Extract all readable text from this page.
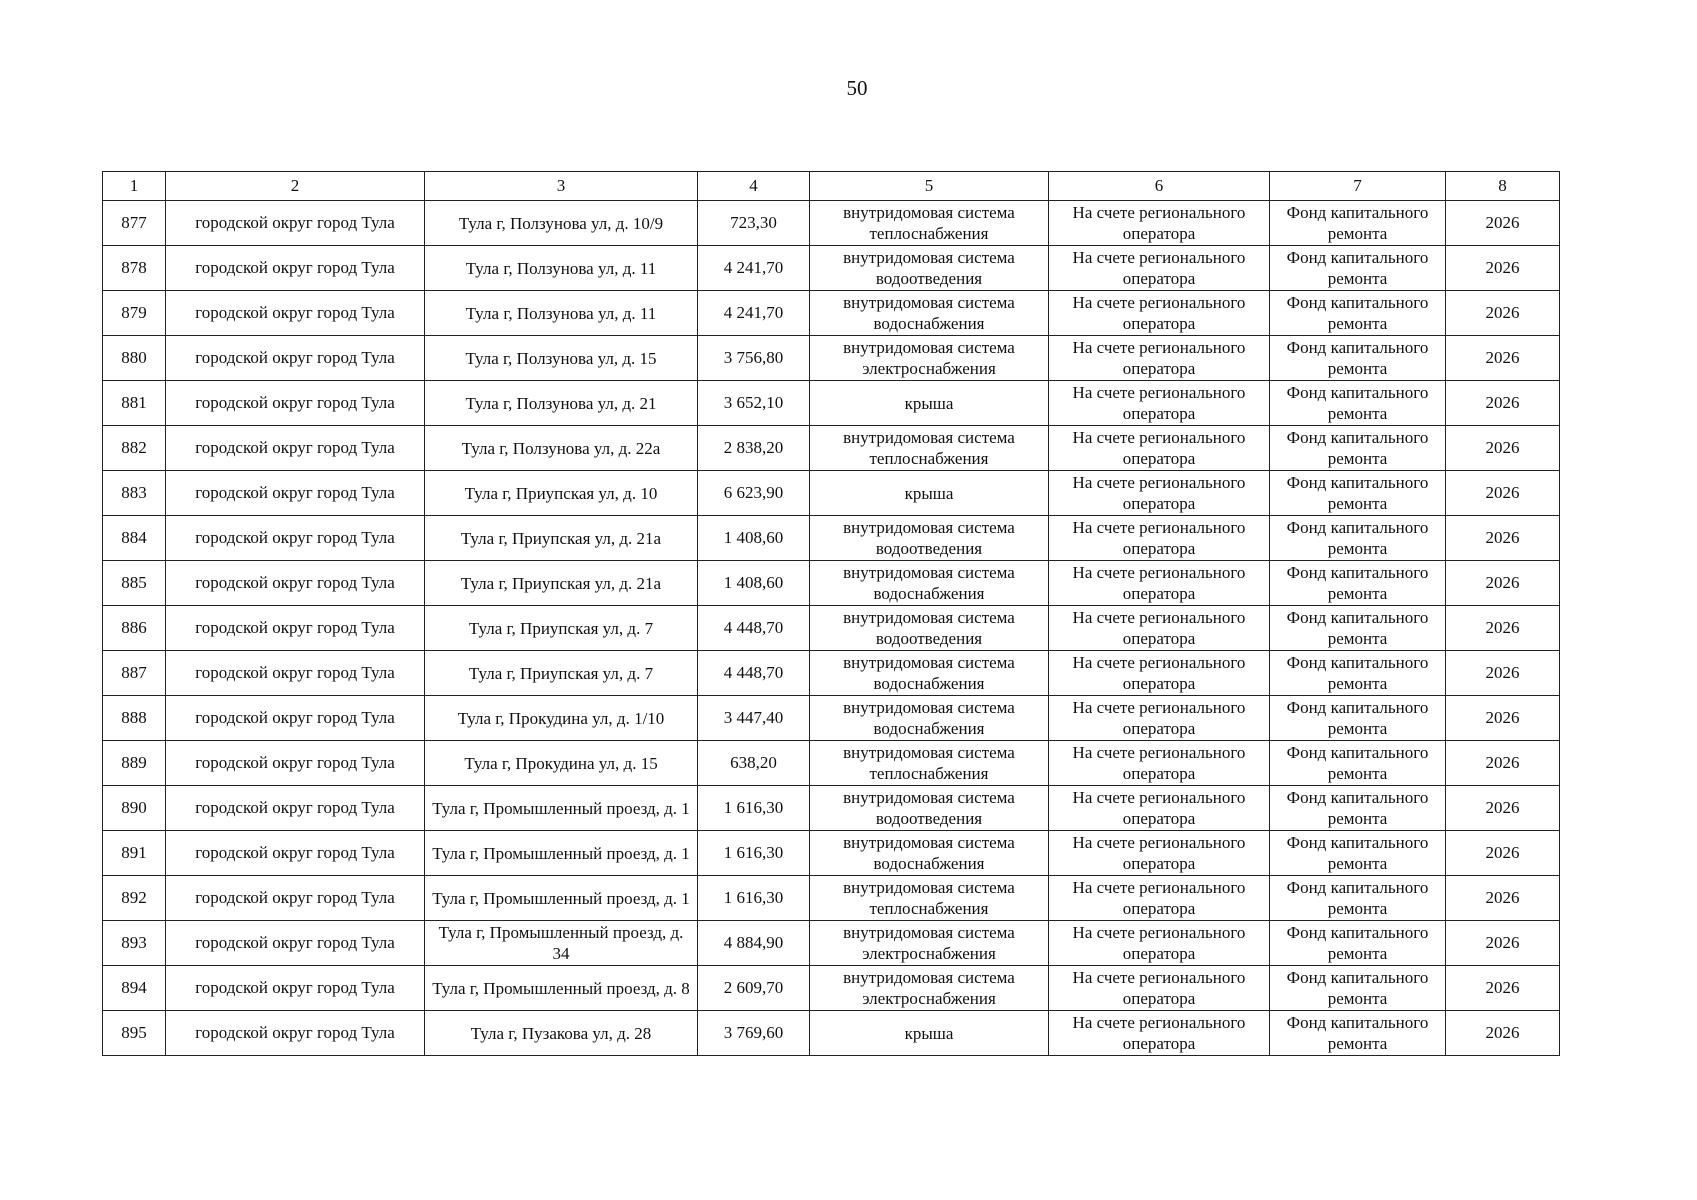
50
1	2	3	4	5	6	7	8
877	городской округ город Тула	Тула г, Ползунова ул, д. 10/9	723,30	внутридомовая система теплоснабжения	На счете регионального оператора	Фонд капитального ремонта	2026
878	городской округ город Тула	Тула г, Ползунова ул, д. 11	4 241,70	внутридомовая система водоотведения	На счете регионального оператора	Фонд капитального ремонта	2026
879	городской округ город Тула	Тула г, Ползунова ул, д. 11	4 241,70	внутридомовая система водоснабжения	На счете регионального оператора	Фонд капитального ремонта	2026
880	городской округ город Тула	Тула г, Ползунова ул, д. 15	3 756,80	внутридомовая система электроснабжения	На счете регионального оператора	Фонд капитального ремонта	2026
881	городской округ город Тула	Тула г, Ползунова ул, д. 21	3 652,10	крыша	На счете регионального оператора	Фонд капитального ремонта	2026
882	городской округ город Тула	Тула г, Ползунова ул, д. 22а	2 838,20	внутридомовая система теплоснабжения	На счете регионального оператора	Фонд капитального ремонта	2026
883	городской округ город Тула	Тула г, Приупская ул, д. 10	6 623,90	крыша	На счете регионального оператора	Фонд капитального ремонта	2026
884	городской округ город Тула	Тула г, Приупская ул, д. 21а	1 408,60	внутридомовая система водоотведения	На счете регионального оператора	Фонд капитального ремонта	2026
885	городской округ город Тула	Тула г, Приупская ул, д. 21а	1 408,60	внутридомовая система водоснабжения	На счете регионального оператора	Фонд капитального ремонта	2026
886	городской округ город Тула	Тула г, Приупская ул, д. 7	4 448,70	внутридомовая система водоотведения	На счете регионального оператора	Фонд капитального ремонта	2026
887	городской округ город Тула	Тула г, Приупская ул, д. 7	4 448,70	внутридомовая система водоснабжения	На счете регионального оператора	Фонд капитального ремонта	2026
888	городской округ город Тула	Тула г, Прокудина ул, д. 1/10	3 447,40	внутридомовая система водоснабжения	На счете регионального оператора	Фонд капитального ремонта	2026
889	городской округ город Тула	Тула г, Прокудина ул, д. 15	638,20	внутридомовая система теплоснабжения	На счете регионального оператора	Фонд капитального ремонта	2026
890	городской округ город Тула	Тула г, Промышленный проезд, д. 1	1 616,30	внутридомовая система водоотведения	На счете регионального оператора	Фонд капитального ремонта	2026
891	городской округ город Тула	Тула г, Промышленный проезд, д. 1	1 616,30	внутридомовая система водоснабжения	На счете регионального оператора	Фонд капитального ремонта	2026
892	городской округ город Тула	Тула г, Промышленный проезд, д. 1	1 616,30	внутридомовая система теплоснабжения	На счете регионального оператора	Фонд капитального ремонта	2026
893	городской округ город Тула	Тула г, Промышленный проезд, д. 34	4 884,90	внутридомовая система электроснабжения	На счете регионального оператора	Фонд капитального ремонта	2026
894	городской округ город Тула	Тула г, Промышленный проезд, д. 8	2 609,70	внутридомовая система электроснабжения	На счете регионального оператора	Фонд капитального ремонта	2026
895	городской округ город Тула	Тула г, Пузакова ул, д. 28	3 769,60	крыша	На счете регионального оператора	Фонд капитального ремонта	2026
